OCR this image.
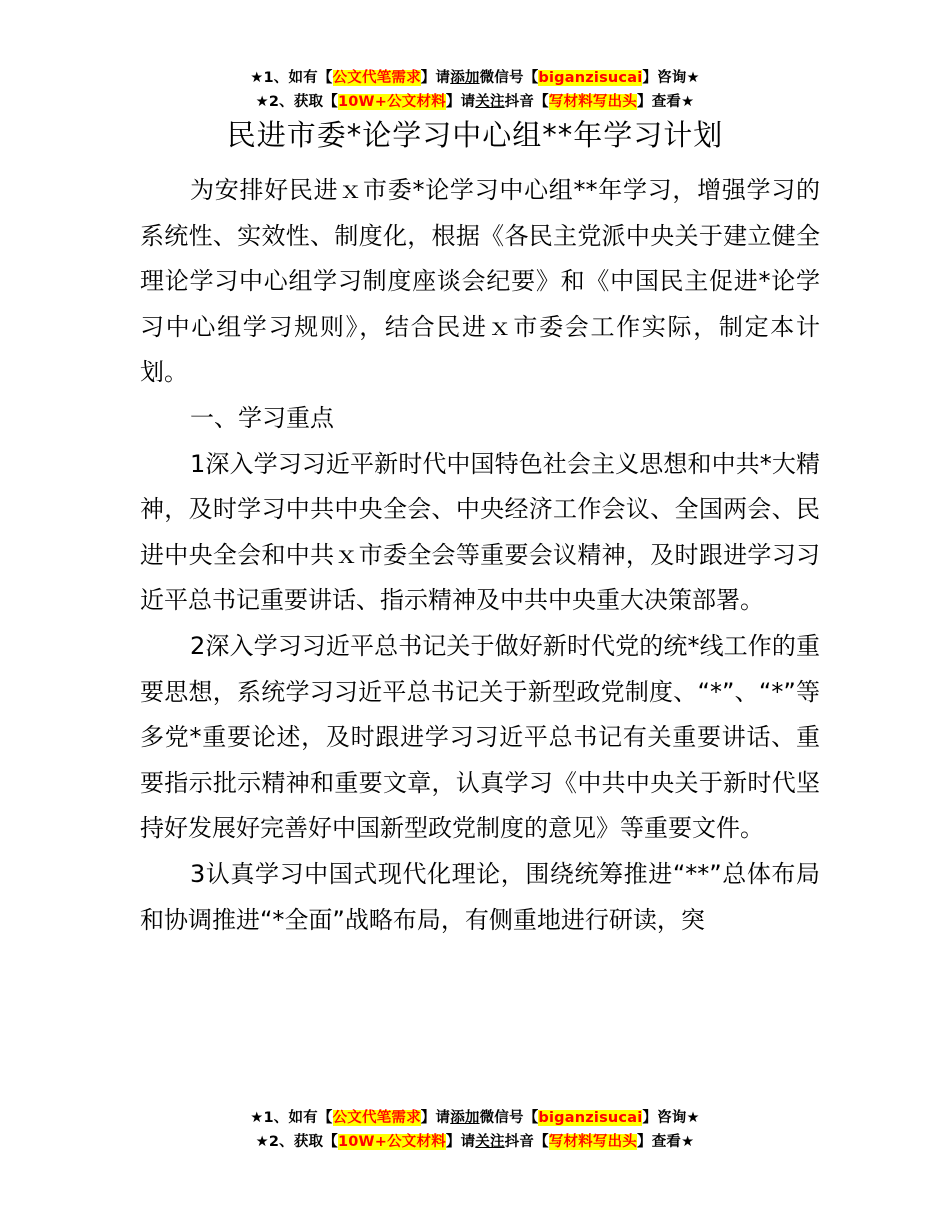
★1、如有【公文代笔需求】请添加微信号【biganzisucai】咨询★
★2、获取【10W+公文材料】请关注抖音【写材料写出头】查看★
民进市委*论学习中心组**年学习计划

为安排好民进ｘ市委*论学习中心组**年学习，增强学习的系统性、实效性、制度化，根据《各民主党派中央关于建立健全理论学习中心组学习制度座谈会纪要》和《中国民主促进*论学习中心组学习规则》，结合民进ｘ市委会工作实际，制定本计划。

一、学习重点

1深入学习习近平新时代中国特色社会主义思想和中共*大精神，及时学习中共中央全会、中央经济工作会议、全国两会、民进中央全会和中共ｘ市委全会等重要会议精神，及时跟进学习习近平总书记重要讲话、指示精神及中共中央重大决策部署。

2深入学习习近平总书记关于做好新时代党的统*线工作的重要思想，系统学习习近平总书记关于新型政党制度、“*”、“*”等多党*重要论述，及时跟进学习习近平总书记有关重要讲话、重要指示批示精神和重要文章，认真学习《中共中央关于新时代坚持好发展好完善好中国新型政党制度的意见》等重要文件。

3认真学习中国式现代化理论，围绕统筹推进“**”总体布局和协调推进“*全面”战略布局，有侧重地进行研读，突

★1、如有【公文代笔需求】请添加微信号【biganzisucai】咨询★
★2、获取【10W+公文材料】请关注抖音【写材料写出头】查看★
